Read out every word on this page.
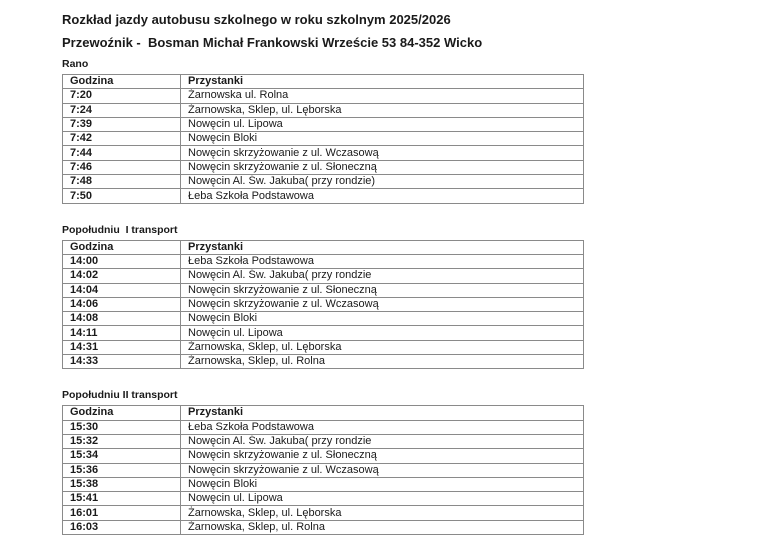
Rozkład jazdy autobusu szkolnego w roku szkolnym 2025/2026
Przewoźnik -  Bosman Michał Frankowski Wrzeście 53 84-352 Wicko
Rano
Godzina	Przystanki
7:20	Żarnowska ul. Rolna
7:24	Żarnowska, Sklep, ul. Lęborska
7:39	Nowęcin ul. Lipowa
7:42	Nowęcin Bloki
7:44	Nowęcin skrzyżowanie z ul. Wczasową
7:46	Nowęcin skrzyżowanie z ul. Słoneczną
7:48	Nowęcin Al. Św. Jakuba( przy rondzie)
7:50	Łeba Szkoła Podstawowa
Popołudniu  I transport
Godzina	Przystanki
14:00	Łeba Szkoła Podstawowa
14:02	Nowęcin Al. Św. Jakuba( przy rondzie
14:04	Nowęcin skrzyżowanie z ul. Słoneczną
14:06	Nowęcin skrzyżowanie z ul. Wczasową
14:08	Nowęcin Bloki
14:11	Nowęcin ul. Lipowa
14:31	Żarnowska, Sklep, ul. Lęborska
14:33	Żarnowska, Sklep, ul. Rolna
Popołudniu II transport
Godzina	Przystanki
15:30	Łeba Szkoła Podstawowa
15:32	Nowęcin Al. Św. Jakuba( przy rondzie
15:34	Nowęcin skrzyżowanie z ul. Słoneczną
15:36	Nowęcin skrzyżowanie z ul. Wczasową
15:38	Nowęcin Bloki
15:41	Nowęcin ul. Lipowa
16:01	Żarnowska, Sklep, ul. Lęborska
16:03	Żarnowska, Sklep, ul. Rolna
